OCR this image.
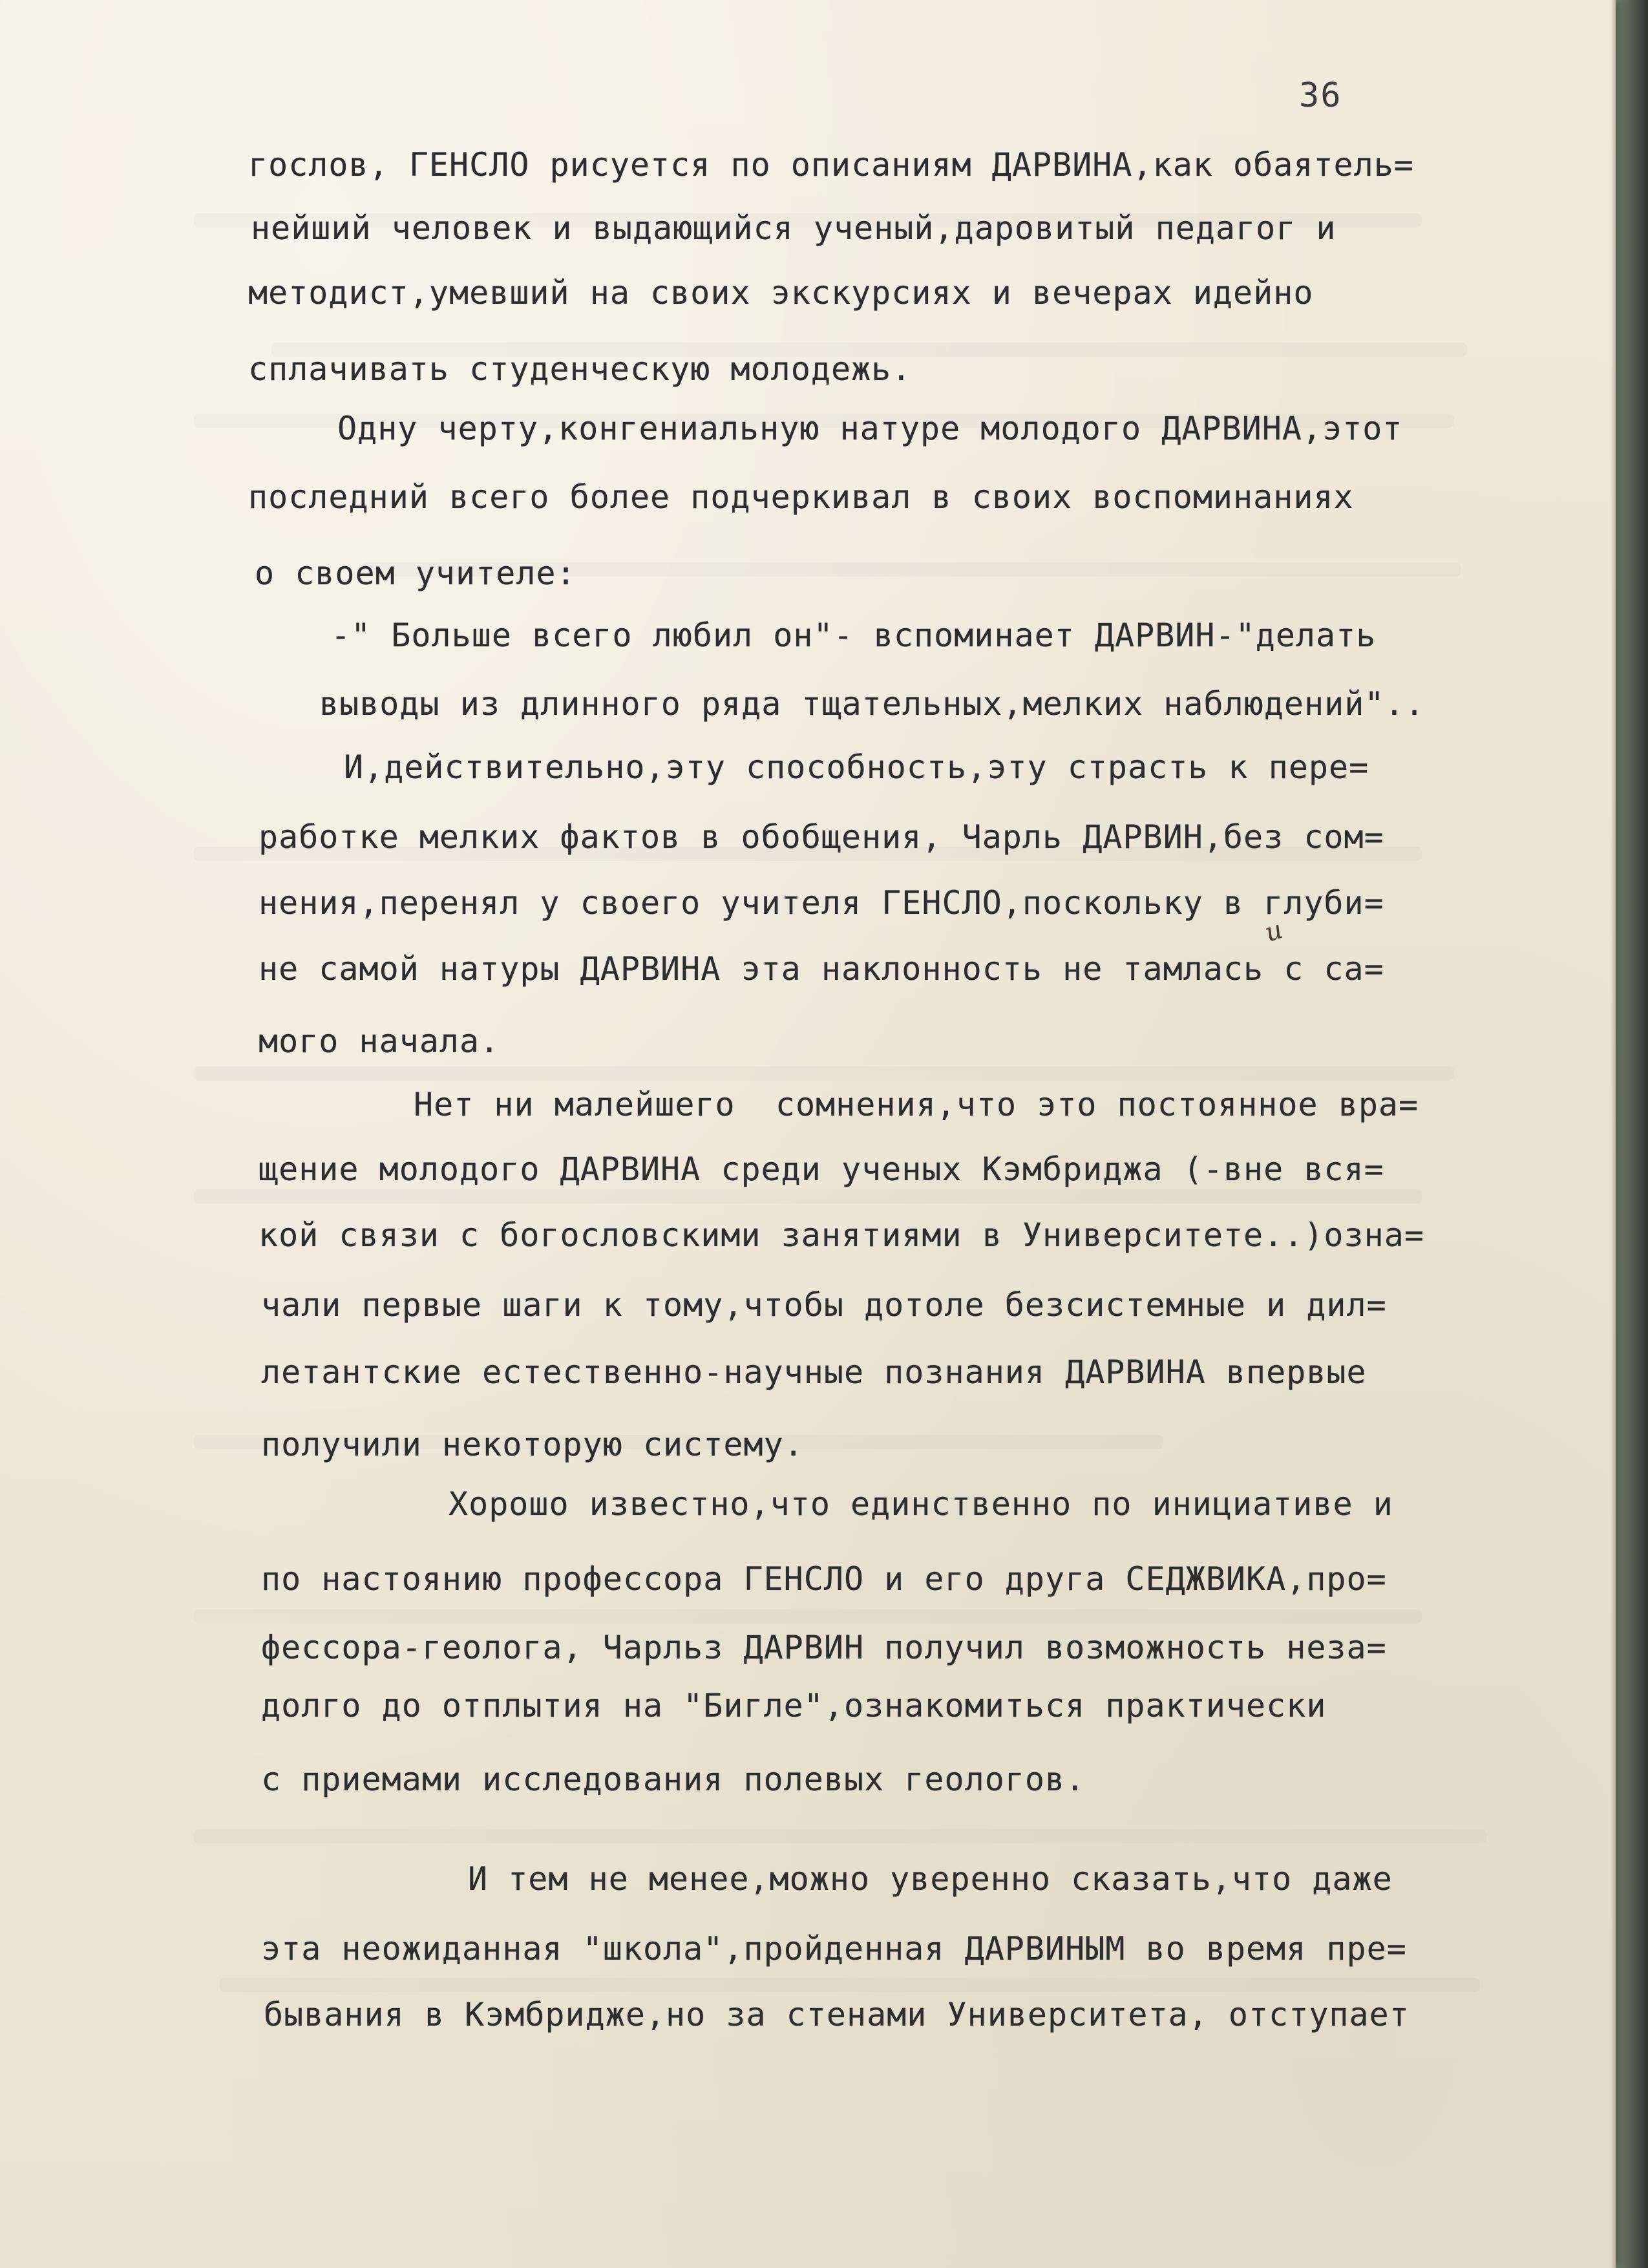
36
гослов, ГЕНСЛО рисуется по описаниям ДАРВИНА,как обаятель=
нейший человек и выдающийся ученый,даровитый педагог и
методист,умевший на своих экскурсиях и вечерах идейно
сплачивать студенческую молодежь.
Одну черту,конгениальную натуре молодого ДАРВИНА,этот
последний всего более подчеркивал в своих воспоминаниях
о своем учителе:
-" Больше всего любил он"- вспоминает ДАРВИН-"делать
выводы из длинного ряда тщательных,мелких наблюдений"..
И,действительно,эту способность,эту страсть к пере=
работке мелких фактов в обобщения, Чарль ДАРВИН,без сом=
нения,перенял у своего учителя ГЕНСЛО,поскольку в глуби=
не самой натуры ДАРВИНА эта наклонность не тамлась с са=
мого начала.
Нет ни малейшего  сомнения,что это постоянное вра=
щение молодого ДАРВИНА среди ученых Кэмбриджа (-вне вся=
кой связи с богословскими занятиями в Университете..)озна=
чали первые шаги к тому,чтобы дотоле безсистемные и дил=
летантские естественно-научные познания ДАРВИНА впервые
получили некоторую систему.
Хорошо известно,что единственно по инициативе и
по настоянию профессора ГЕНСЛО и его друга СЕДЖВИКА,про=
фессора-геолога, Чарльз ДАРВИН получил возможность неза=
долго до отплытия на "Бигле",ознакомиться практически
с приемами исследования полевых геологов.
И тем не менее,можно уверенно сказать,что даже
эта неожиданная "школа",пройденная ДАРВИНЫМ во время пре=
бывания в Кэмбридже,но за стенами Университета, отступает
и
